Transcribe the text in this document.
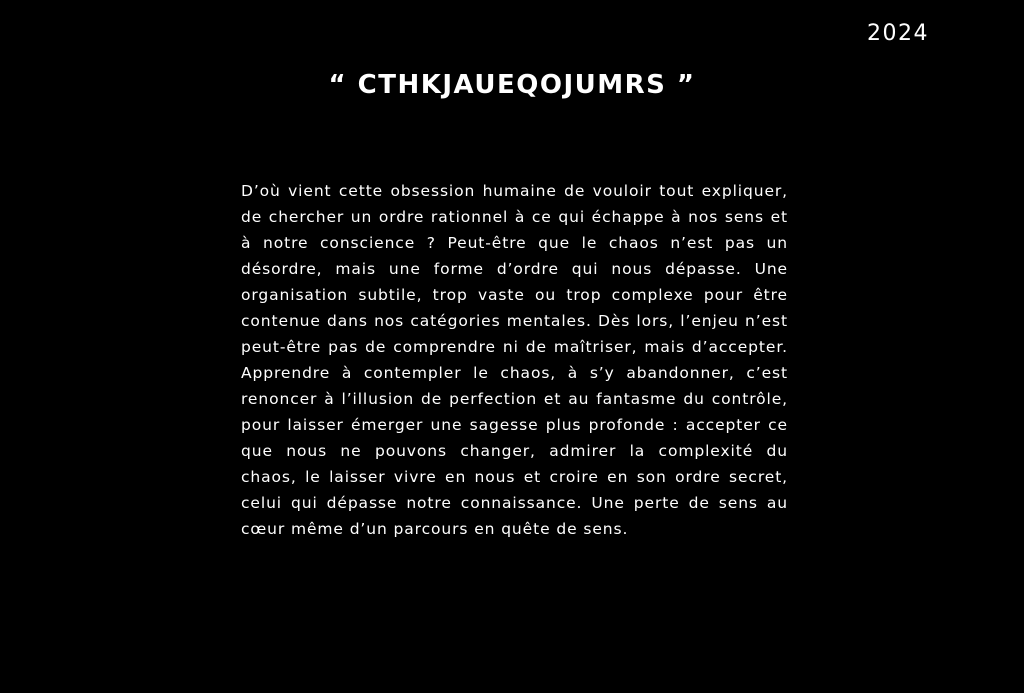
2024
“ CTHKJAUEQOJUMRS ”

D’où vient cette obsession humaine de vouloir tout expliquer, de chercher un ordre rationnel à ce qui échappe à nos sens et à notre conscience ? Peut-être que le chaos n’est pas un désordre, mais une forme d’ordre qui nous dépasse. Une organisation subtile, trop vaste ou trop complexe pour être contenue dans nos catégories mentales. Dès lors, l’enjeu n’est peut-être pas de comprendre ni de maîtriser, mais d’accepter. Apprendre à contempler le chaos, à s’y abandonner, c’est renoncer à l’illusion de perfection et au fantasme du contrôle, pour laisser émerger une sagesse plus profonde : accepter ce que nous ne pouvons changer, admirer la complexité du chaos, le laisser vivre en nous et croire en son ordre secret, celui qui dépasse notre connaissance. Une perte de sens au cœur même d’un parcours en quête de sens.
